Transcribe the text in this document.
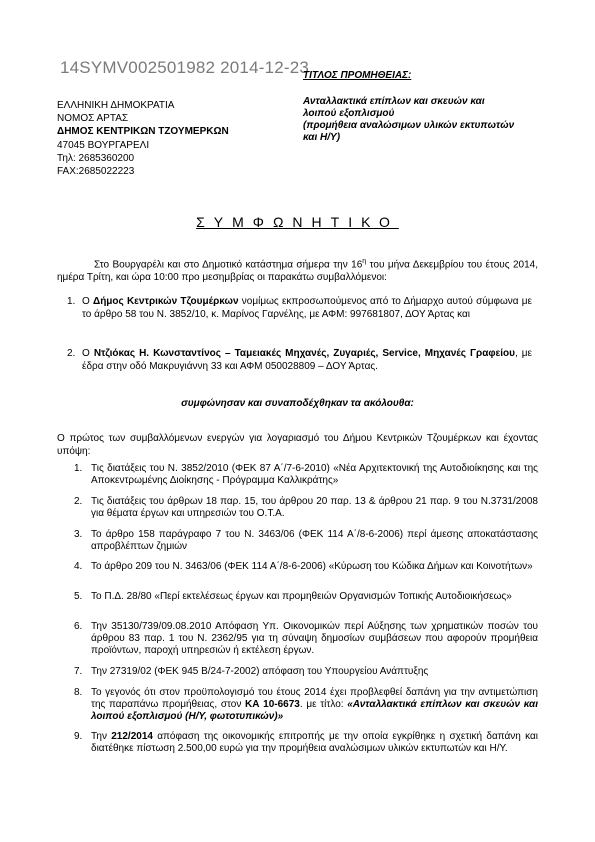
14SYMV002501982 2014-12-23
ΕΛΛΗΝΙΚΗ ΔΗΜΟΚΡΑΤΙΑ
ΝΟΜΟΣ ΑΡΤΑΣ
ΔΗΜΟΣ ΚΕΝΤΡΙΚΩΝ ΤΖΟΥΜΕΡΚΩΝ
47045 ΒΟΥΡΓΑΡΕΛΙ
Τηλ: 2685360200
FAX:2685022223
ΤΙΤΛΟΣ ΠΡΟΜΗΘΕΙΑΣ:
Ανταλλακτικά επίπλων και σκευών και
λοιπού εξοπλισμού
(προμήθεια αναλώσιμων υλικών εκτυπωτών
και Η/Υ)
ΣΥΜΦΩΝΗΤΙΚΟ
Στο Βουργαρέλι και στο Δημοτικό κατάστημα σήμερα την $16^\eta$ του μήνα Δεκεμβρίου του έτους 2014, ημέρα Τρίτη, και ώρα 10:00 προ μεσημβρίας οι παρακάτω συμβαλλόμενοι:
1. Ο Δήμος Κεντρικών Τζουμέρκων νομίμως εκπροσωπούμενος από το Δήμαρχο αυτού σύμφωνα με το άρθρο 58 του Ν. 3852/10, κ. Μαρίνος Γαρνέλης, με ΑΦΜ: 997681807, ΔΟΥ Άρτας και
2. Ο Ντζιόκας Η. Κωνσταντίνος – Ταμειακές Μηχανές, Ζυγαριές, Service, Μηχανές Γραφείου, με έδρα στην οδό Μακρυγιάννη 33 και ΑΦΜ 050028809 – ΔΟΥ Άρτας.
συμφώνησαν και συναποδέχθηκαν τα ακόλουθα:
Ο πρώτος των συμβαλλόμενων ενεργών για λογαριασμό του Δήμου Κεντρικών Τζουμέρκων και έχοντας υπόψη:
1. Τις διατάξεις του Ν. 3852/2010 (ΦΕΚ 87 Α΄/7-6-2010) «Νέα Αρχιτεκτονική της Αυτοδιοίκησης και της Αποκεντρωμένης Διοίκησης - Πρόγραμμα Καλλικράτης»
2. Τις διατάξεις του άρθρων 18 παρ. 15, του άρθρου 20 παρ. 13 & άρθρου 21 παρ. 9 του Ν.3731/2008 για θέματα έργων και υπηρεσιών του Ο.Τ.Α.
3. Το άρθρο 158 παράγραφο 7 του Ν. 3463/06 (ΦΕΚ 114 Α΄/8-6-2006) περί άμεσης αποκατάστασης απροβλέπτων ζημιών
4. Το άρθρο 209 του Ν. 3463/06 (ΦΕΚ 114 Α΄/8-6-2006) «Κύρωση του Κώδικα Δήμων και Κοινοτήτων»
5. Το Π.Δ. 28/80 «Περί εκτελέσεως έργων και προμηθειών Οργανισμών Τοπικής Αυτοδιοικήσεως»
6. Την 35130/739/09.08.2010 Απόφαση Υπ. Οικονομικών περί Αύξησης των χρηματικών ποσών του άρθρου 83 παρ. 1 του Ν. 2362/95 για τη σύναψη δημοσίων συμβάσεων που αφορούν προμήθεια προϊόντων, παροχή υπηρεσιών ή εκτέλεση έργων.
7. Την 27319/02 (ΦΕΚ 945 Β/24-7-2002) απόφαση του Υπουργείου Ανάπτυξης
8. Το γεγονός ότι στον προϋπολογισμό του έτους 2014 έχει προβλεφθεί δαπάνη για την αντιμετώπιση της παραπάνω προμήθειας, στον ΚΑ 10-6673. με τίτλο: «Ανταλλακτικά επίπλων και σκευών και λοιπού εξοπλισμού (Η/Υ, φωτοτυπικών)»
9. Την 212/2014 απόφαση της οικονομικής επιτροπής με την οποία εγκρίθηκε η σχετική δαπάνη και διατέθηκε πίστωση 2.500,00 ευρώ για την προμήθεια αναλώσιμων υλικών εκτυπωτών και Η/Υ.
